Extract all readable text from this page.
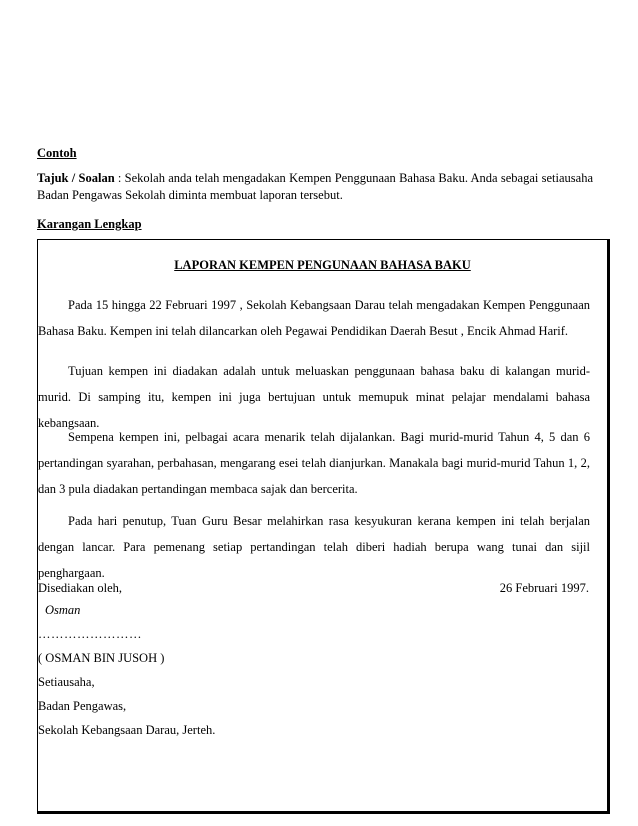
Contoh
Tajuk / Soalan : Sekolah anda telah mengadakan Kempen Penggunaan Bahasa Baku. Anda sebagai setiausaha Badan Pengawas Sekolah diminta membuat laporan tersebut.
Karangan Lengkap
LAPORAN KEMPEN PENGUNAAN BAHASA BAKU
Pada 15 hingga 22 Februari 1997 , Sekolah Kebangsaan Darau telah mengadakan Kempen Penggunaan Bahasa Baku. Kempen ini telah dilancarkan oleh Pegawai Pendidikan Daerah Besut , Encik Ahmad Harif.
Tujuan kempen ini diadakan adalah untuk meluaskan penggunaan bahasa baku di kalangan murid-murid. Di samping itu, kempen ini juga bertujuan untuk memupuk minat pelajar mendalami bahasa kebangsaan.
Sempena kempen ini, pelbagai acara menarik telah dijalankan. Bagi murid-murid Tahun 4, 5 dan 6 pertandingan syarahan, perbahasan, mengarang esei telah dianjurkan. Manakala bagi murid-murid Tahun 1, 2, dan 3 pula diadakan pertandingan membaca sajak dan bercerita.
Pada hari penutup, Tuan Guru Besar melahirkan rasa kesyukuran kerana kempen ini telah berjalan dengan lancar. Para pemenang setiap pertandingan telah diberi hadiah berupa wang tunai dan sijil penghargaan.
Disediakan oleh,	26 Februari 1997.
Osman
……………………
( OSMAN BIN JUSOH )
Setiausaha,
Badan Pengawas,
Sekolah Kebangsaan Darau, Jerteh.
